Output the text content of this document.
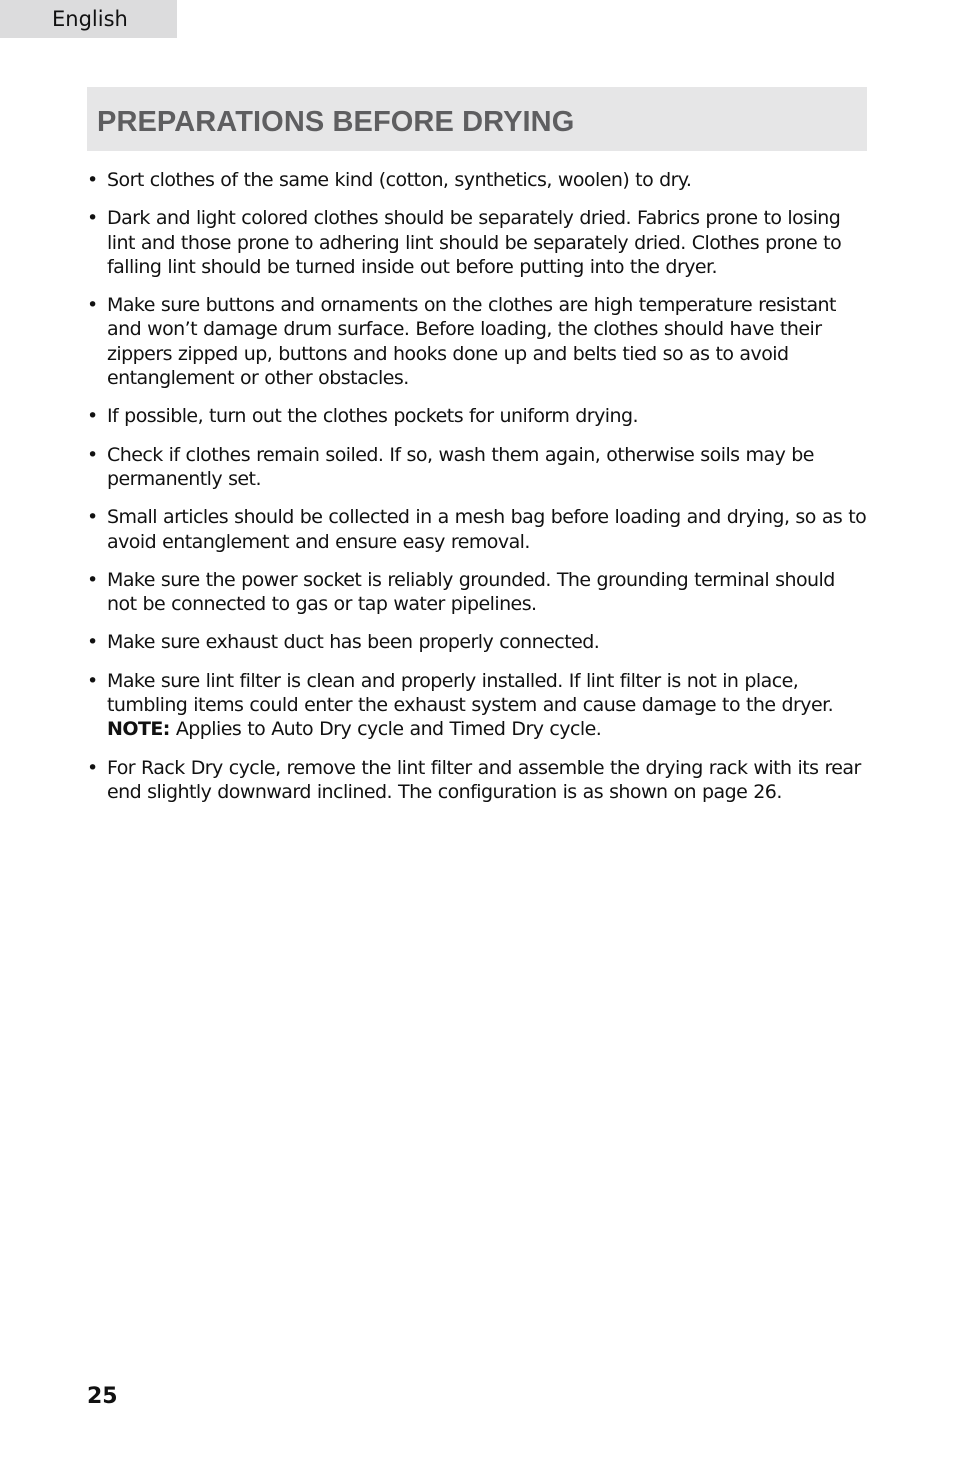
English
PREPARATIONS BEFORE DRYING
• Sort clothes of the same kind (cotton, synthetics, woolen) to dry.
• Dark and light colored clothes should be separately dried. Fabrics prone to losing lint and those prone to adhering lint should be separately dried. Clothes prone to falling lint should be turned inside out before putting into the dryer.
• Make sure buttons and ornaments on the clothes are high temperature resistant and won’t damage drum surface. Before loading, the clothes should have their zippers zipped up, buttons and hooks done up and belts tied so as to avoid entanglement or other obstacles.
• If possible, turn out the clothes pockets for uniform drying.
• Check if clothes remain soiled. If so, wash them again, otherwise soils may be permanently set.
• Small articles should be collected in a mesh bag before loading and drying, so as to avoid entanglement and ensure easy removal.
• Make sure the power socket is reliably grounded. The grounding terminal should not be connected to gas or tap water pipelines.
• Make sure exhaust duct has been properly connected.
• Make sure lint filter is clean and properly installed. If lint filter is not in place, tumbling items could enter the exhaust system and cause damage to the dryer.
NOTE: Applies to Auto Dry cycle and Timed Dry cycle.
• For Rack Dry cycle, remove the lint filter and assemble the drying rack with its rear end slightly downward inclined. The configuration is as shown on page 26.
25
